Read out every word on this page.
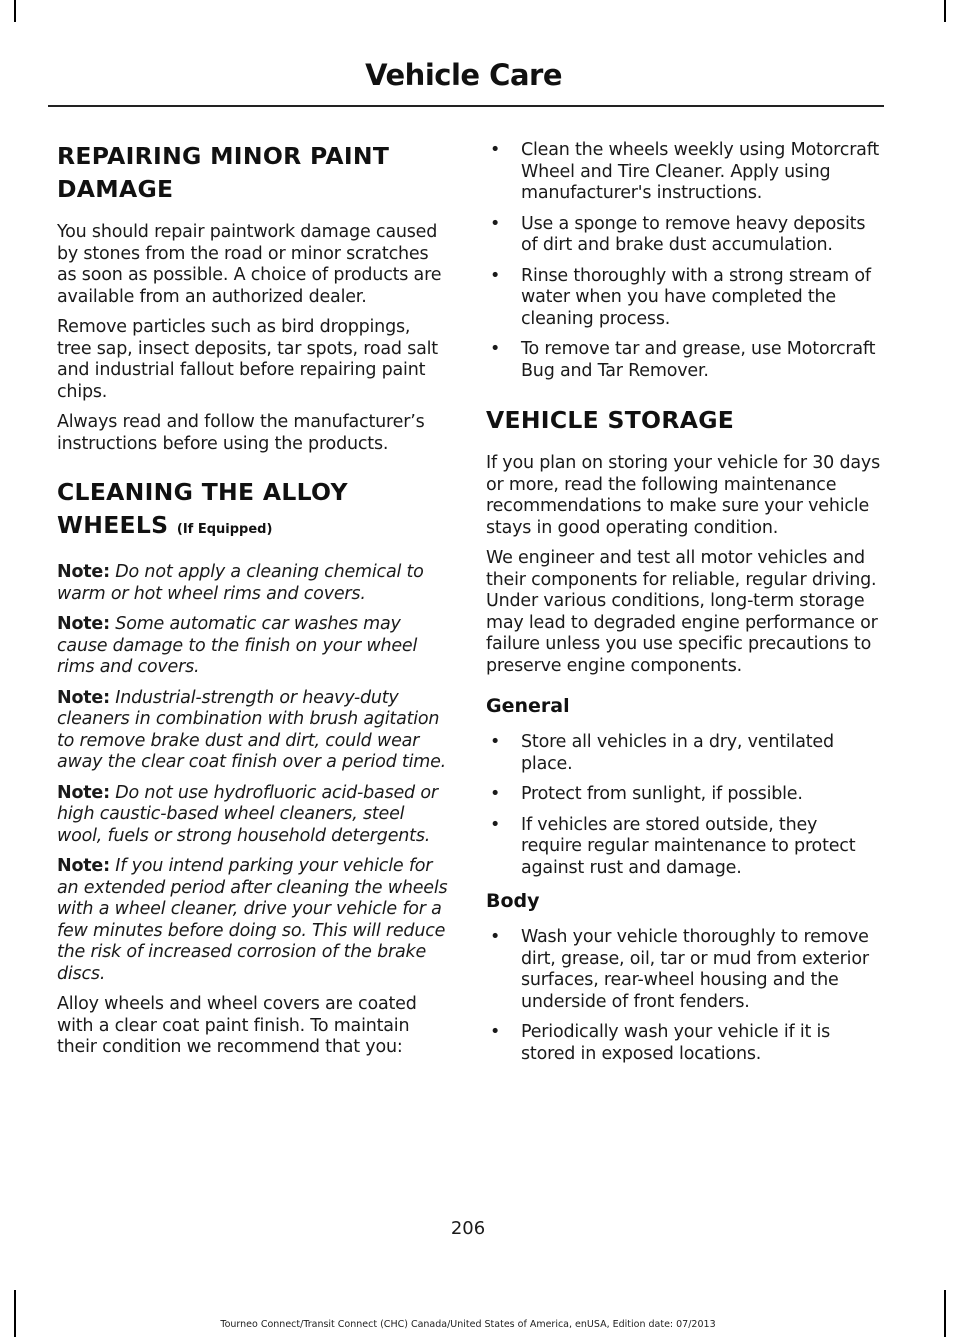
Vehicle Care
REPAIRING MINOR PAINT DAMAGE

You should repair paintwork damage caused by stones from the road or minor scratches as soon as possible. A choice of products are available from an authorized dealer.

Remove particles such as bird droppings, tree sap, insect deposits, tar spots, road salt and industrial fallout before repairing paint chips.

Always read and follow the manufacturer’s instructions before using the products.

CLEANING THE ALLOY WHEELS (If Equipped)

Note: Do not apply a cleaning chemical to warm or hot wheel rims and covers.

Note: Some automatic car washes may cause damage to the finish on your wheel rims and covers.

Note: Industrial-strength or heavy-duty cleaners in combination with brush agitation to remove brake dust and dirt, could wear away the clear coat finish over a period time.

Note: Do not use hydrofluoric acid-based or high caustic-based wheel cleaners, steel wool, fuels or strong household detergents.

Note: If you intend parking your vehicle for an extended period after cleaning the wheels with a wheel cleaner, drive your vehicle for a few minutes before doing so. This will reduce the risk of increased corrosion of the brake discs.

Alloy wheels and wheel covers are coated with a clear coat paint finish. To maintain their condition we recommend that you:

• Clean the wheels weekly using Motorcraft Wheel and Tire Cleaner. Apply using manufacturer's instructions.
• Use a sponge to remove heavy deposits of dirt and brake dust accumulation.
• Rinse thoroughly with a strong stream of water when you have completed the cleaning process.
• To remove tar and grease, use Motorcraft Bug and Tar Remover.
VEHICLE STORAGE

If you plan on storing your vehicle for 30 days or more, read the following maintenance recommendations to make sure your vehicle stays in good operating condition.

We engineer and test all motor vehicles and their components for reliable, regular driving. Under various conditions, long-term storage may lead to degraded engine performance or failure unless you use specific precautions to preserve engine components.

General
• Store all vehicles in a dry, ventilated place.
• Protect from sunlight, if possible.
• If vehicles are stored outside, they require regular maintenance to protect against rust and damage.
Body
• Wash your vehicle thoroughly to remove dirt, grease, oil, tar or mud from exterior surfaces, rear-wheel housing and the underside of front fenders.
• Periodically wash your vehicle if it is stored in exposed locations.
206
Tourneo Connect/Transit Connect (CHC) Canada/United States of America, enUSA, Edition date: 07/2013
